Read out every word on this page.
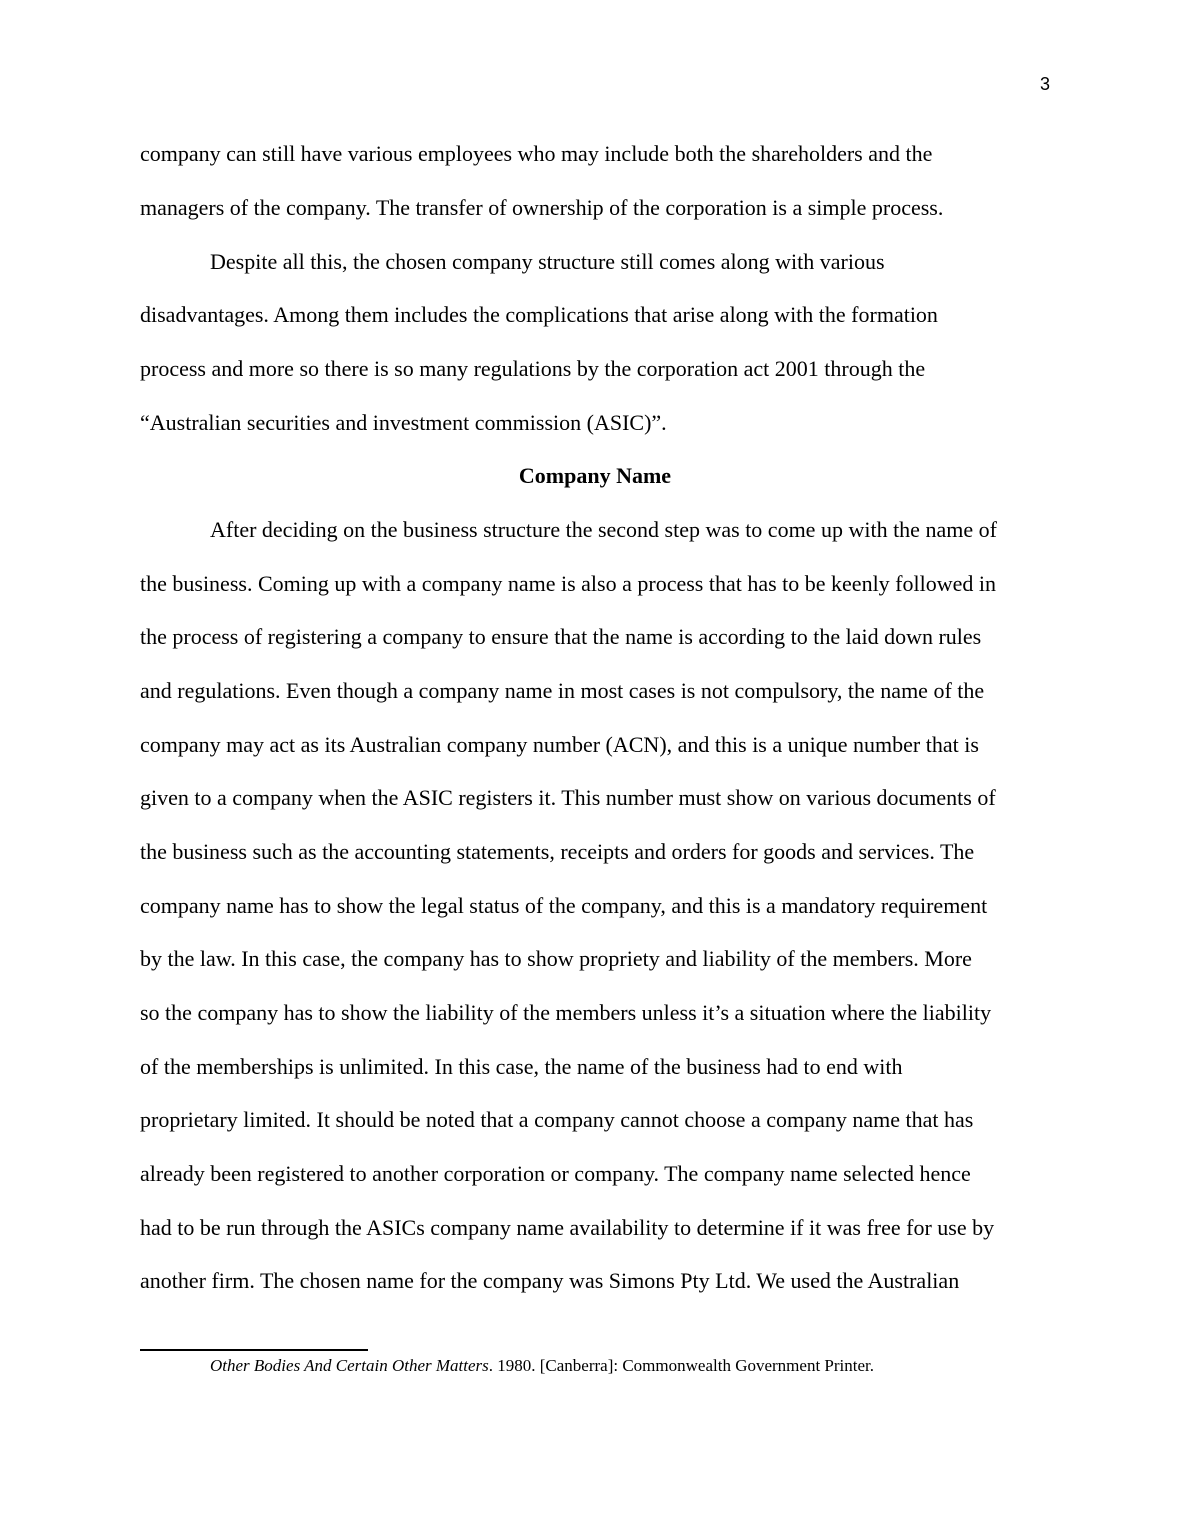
3
company can still have various employees who may include both the shareholders and the
managers of the company. The transfer of ownership of the corporation is a simple process.
Despite all this, the chosen company structure still comes along with various
disadvantages. Among them includes the complications that arise along with the formation
process and more so there is so many regulations by the corporation act 2001 through the
“Australian securities and investment commission (ASIC)”.
Company Name
After deciding on the business structure the second step was to come up with the name of
the business. Coming up with a company name is also a process that has to be keenly followed in
the process of registering a company to ensure that the name is according to the laid down rules
and regulations. Even though a company name in most cases is not compulsory, the name of the
company may act as its Australian company number (ACN), and this is a unique number that is
given to a company when the ASIC registers it. This number must show on various documents of
the business such as the accounting statements, receipts and orders for goods and services. The
company name has to show the legal status of the company, and this is a mandatory requirement
by the law. In this case, the company has to show propriety and liability of the members. More
so the company has to show the liability of the members unless it’s a situation where the liability
of the memberships is unlimited. In this case, the name of the business had to end with
proprietary limited. It should be noted that a company cannot choose a company name that has
already been registered to another corporation or company. The company name selected hence
had to be run through the ASICs company name availability to determine if it was free for use by
another firm. The chosen name for the company was Simons Pty Ltd. We used the Australian
Other Bodies And Certain Other Matters. 1980. [Canberra]: Commonwealth Government Printer.
